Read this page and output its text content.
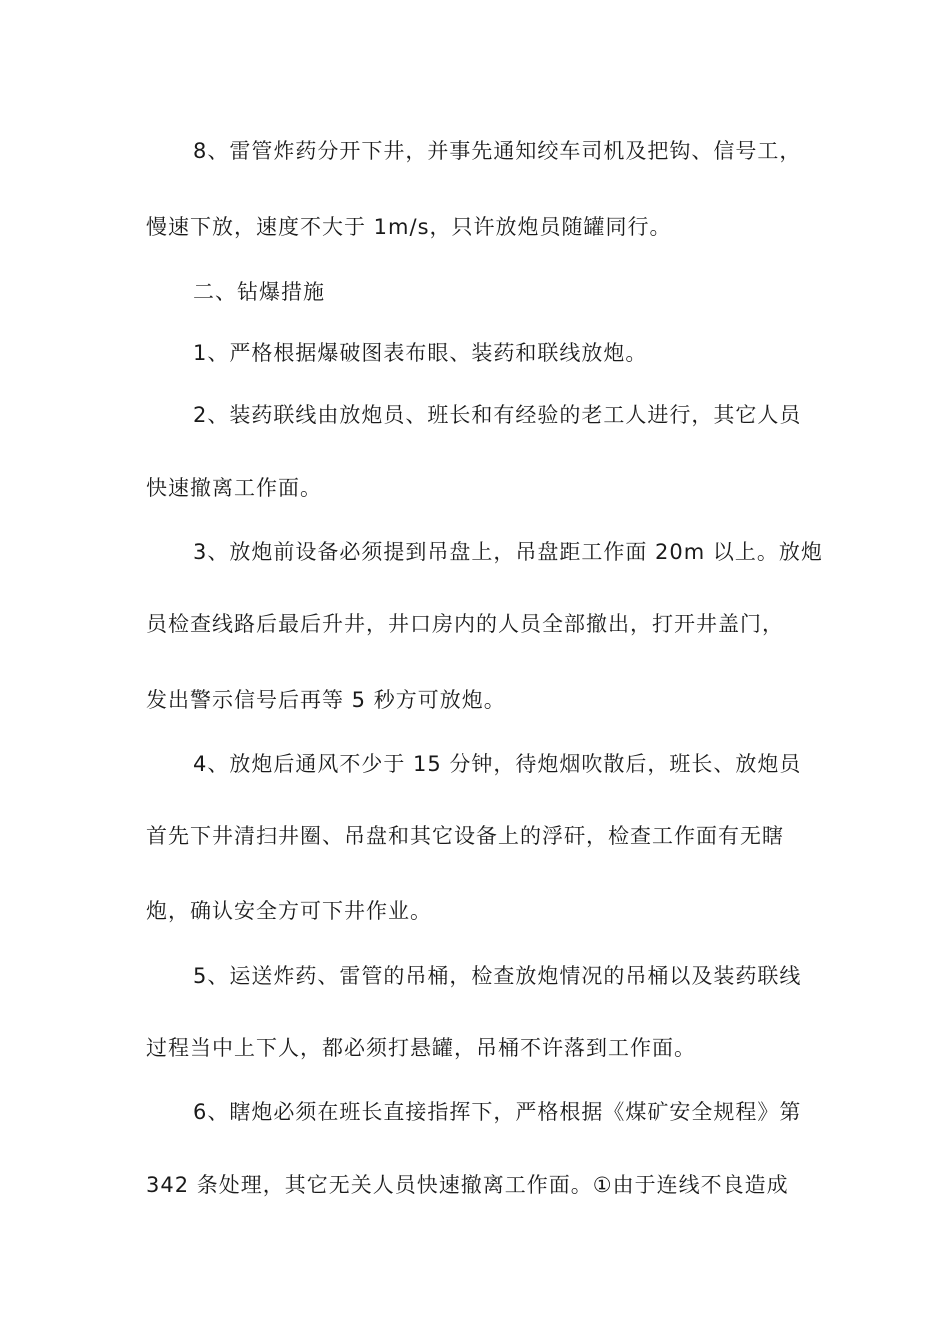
8、雷管炸药分开下井，并事先通知绞车司机及把钩、信号工，
慢速下放，速度不大于 1m/s，只许放炮员随罐同行。
二、钻爆措施
1、严格根据爆破图表布眼、装药和联线放炮。
2、装药联线由放炮员、班长和有经验的老工人进行，其它人员
快速撤离工作面。
3、放炮前设备必须提到吊盘上，吊盘距工作面 20m 以上。放炮
员检查线路后最后升井，井口房内的人员全部撤出，打开井盖门，
发出警示信号后再等 5 秒方可放炮。
4、放炮后通风不少于 15 分钟，待炮烟吹散后，班长、放炮员
首先下井清扫井圈、吊盘和其它设备上的浮矸，检查工作面有无瞎
炮，确认安全方可下井作业。
5、运送炸药、雷管的吊桶，检查放炮情况的吊桶以及装药联线
过程当中上下人，都必须打悬罐，吊桶不许落到工作面。
6、瞎炮必须在班长直接指挥下，严格根据《煤矿安全规程》第
342 条处理，其它无关人员快速撤离工作面。①由于连线不良造成
